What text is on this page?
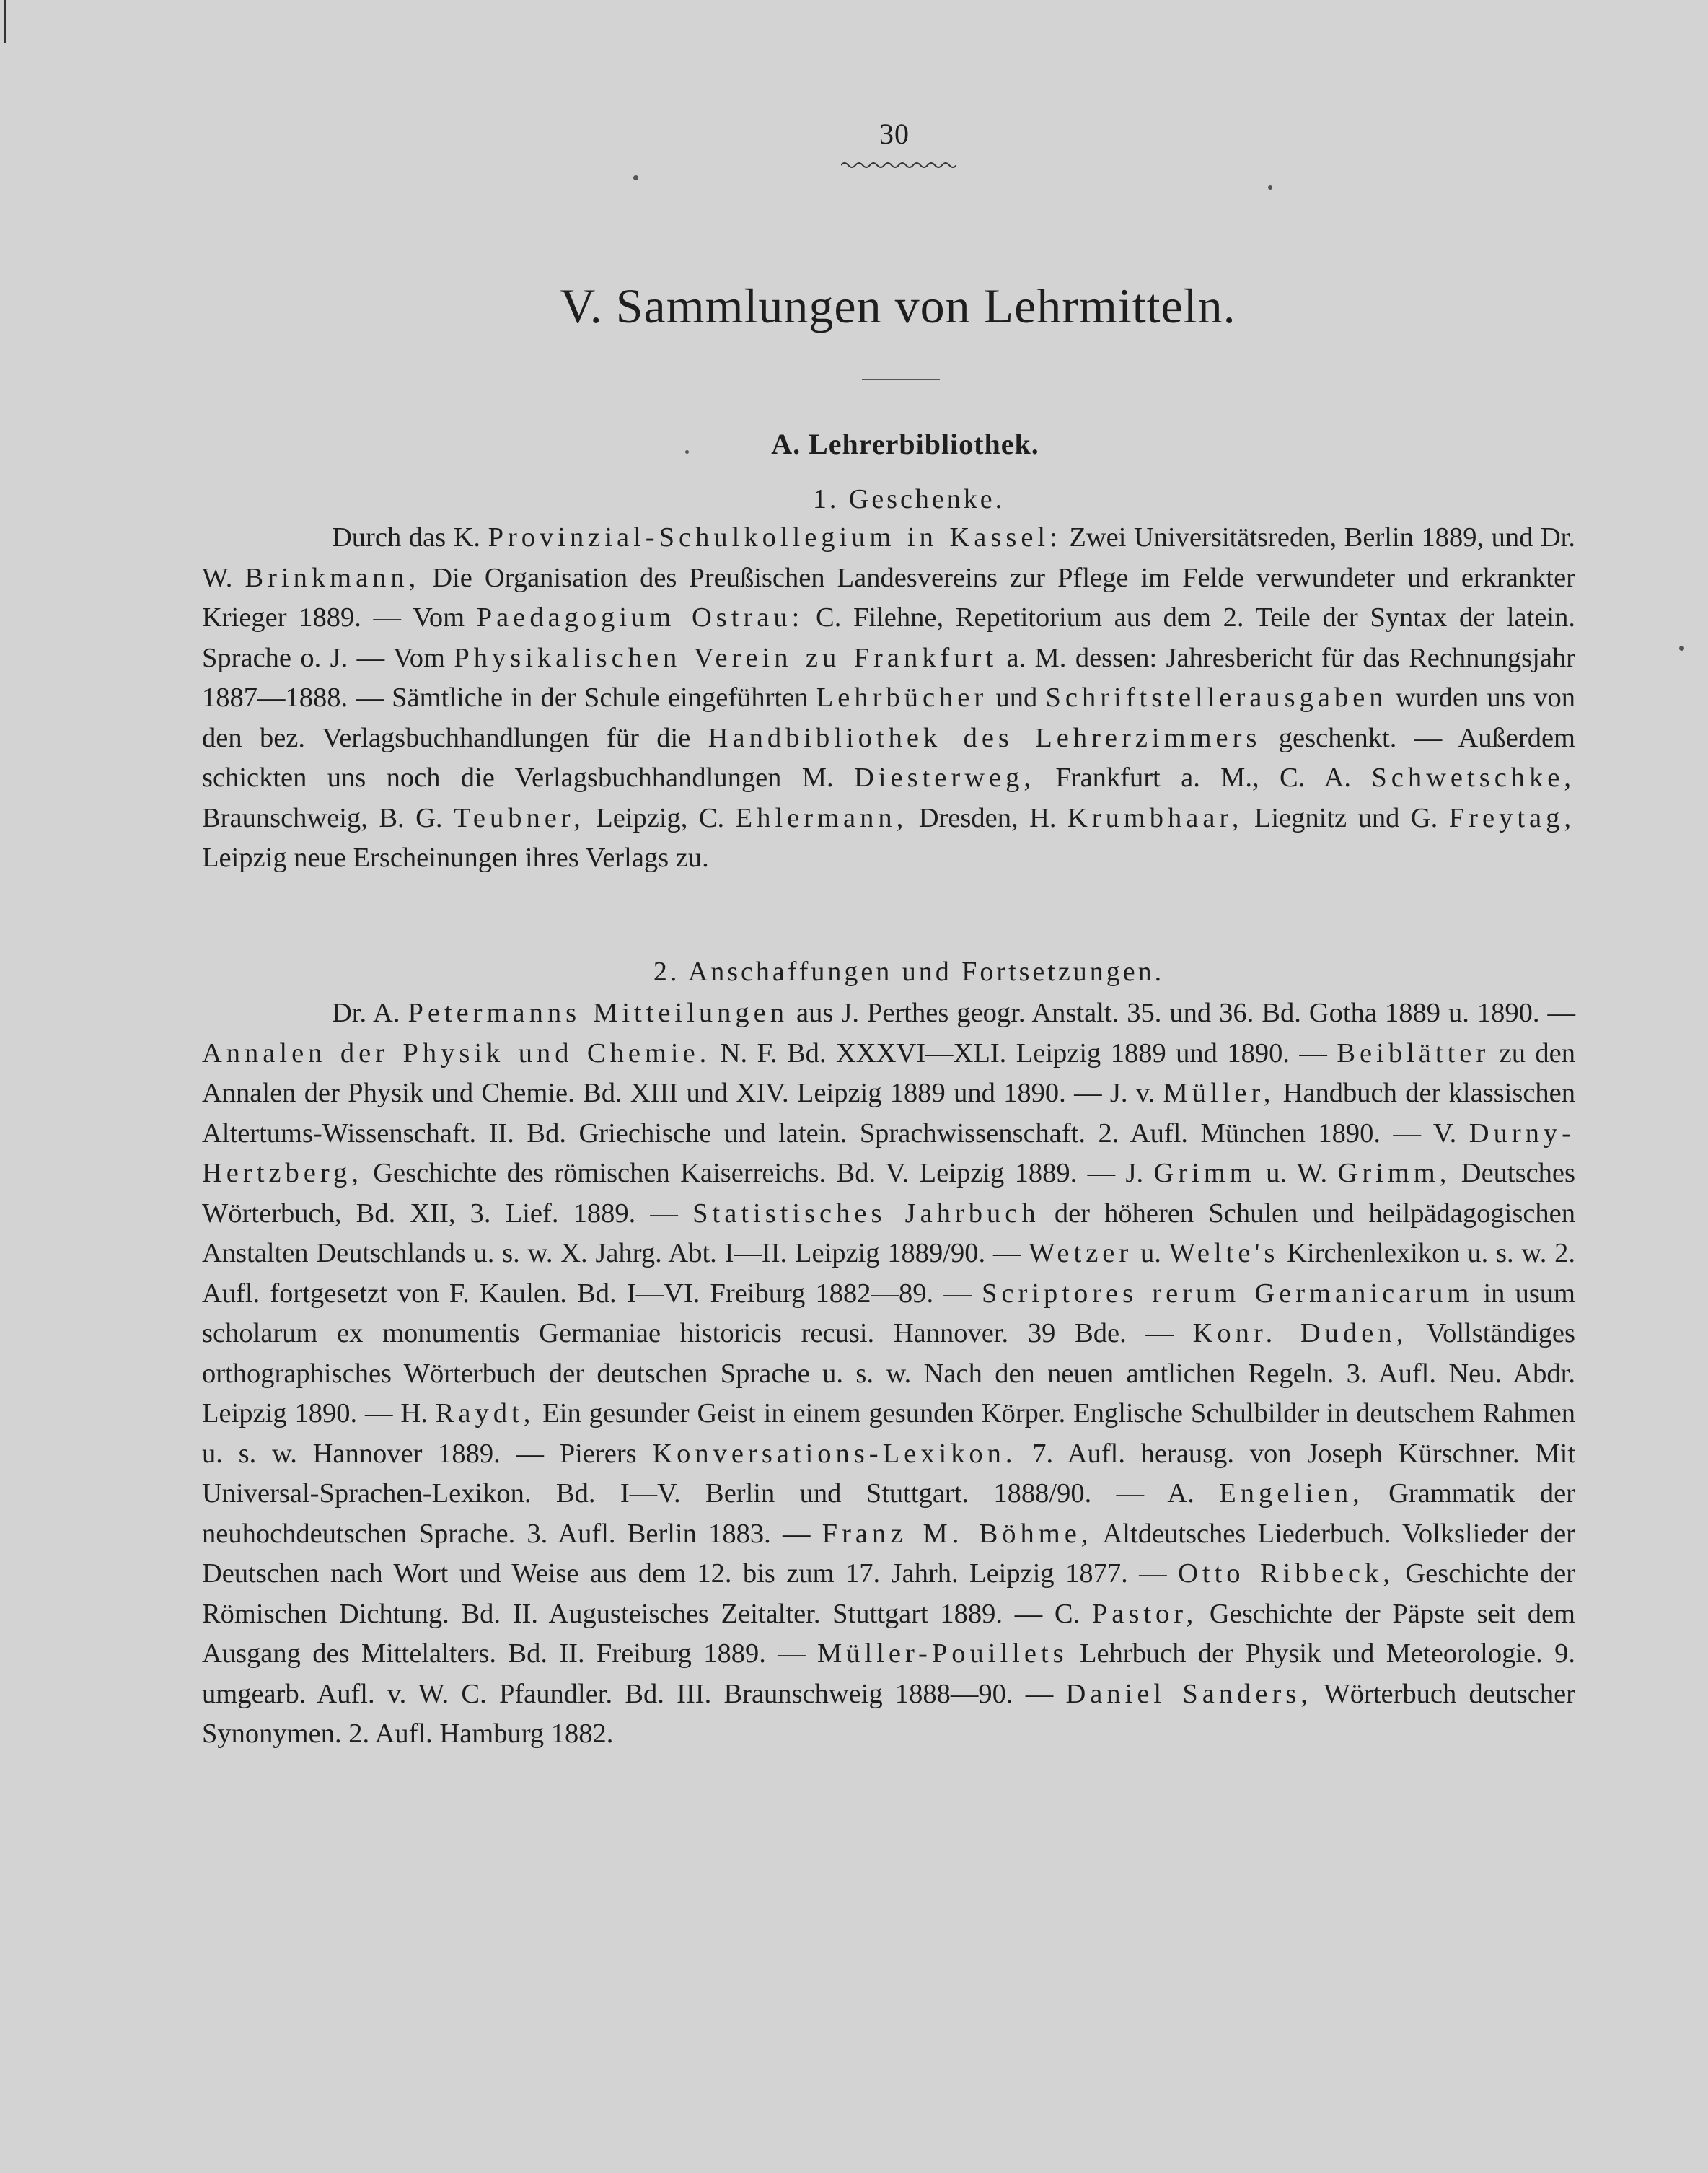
30
V. Sammlungen von Lehrmitteln.
A. Lehrerbibliothek.
1. Geschenke.

Durch das K. Provinzial-Schulkollegium in Kassel: Zwei Universitätsreden, Berlin 1889, und Dr. W. Brinkmann, Die Organisation des Preußischen Landesvereins zur Pflege im Felde verwundeter und erkrankter Krieger 1889. — Vom Paedagogium Ostrau: C. Filehne, Repetitorium aus dem 2. Teile der Syntax der latein. Sprache o. J. — Vom Physikalischen Verein zu Frankfurt a. M. dessen: Jahresbericht für das Rechnungsjahr 1887—1888. — Sämtliche in der Schule eingeführten Lehrbücher und Schriftstellerausgaben wurden uns von den bez. Verlagsbuchhandlungen für die Handbibliothek des Lehrerzimmers geschenkt. — Außerdem schickten uns noch die Verlagsbuchhandlungen M. Diesterweg, Frankfurt a. M., C. A. Schwetschke, Braunschweig, B. G. Teubner, Leipzig, C. Ehlermann, Dresden, H. Krumbhaar, Liegnitz und G. Freytag, Leipzig neue Erscheinungen ihres Verlags zu.

2. Anschaffungen und Fortsetzungen.

Dr. A. Petermanns Mitteilungen aus J. Perthes geogr. Anstalt. 35. und 36. Bd. Gotha 1889 u. 1890. — Annalen der Physik und Chemie. N. F. Bd. XXXVI—XLI. Leipzig 1889 und 1890. — Beiblätter zu den Annalen der Physik und Chemie. Bd. XIII und XIV. Leipzig 1889 und 1890. — J. v. Müller, Handbuch der klassischen Altertums-Wissenschaft. II. Bd. Griechische und latein. Sprachwissenschaft. 2. Aufl. München 1890. — V. Durny-Hertzberg, Geschichte des römischen Kaiserreichs. Bd. V. Leipzig 1889. — J. Grimm u. W. Grimm, Deutsches Wörterbuch, Bd. XII, 3. Lief. 1889. — Statistisches Jahrbuch der höheren Schulen und heilpädagogischen Anstalten Deutschlands u. s. w. X. Jahrg. Abt. I—II. Leipzig 1889/90. — Wetzer u. Welte's Kirchenlexikon u. s. w. 2. Aufl. fortgesetzt von F. Kaulen. Bd. I—VI. Freiburg 1882—89. — Scriptores rerum Germanicarum in usum scholarum ex monumentis Germaniae historicis recusi. Hannover. 39 Bde. — Konr. Duden, Vollständiges orthographisches Wörterbuch der deutschen Sprache u. s. w. Nach den neuen amtlichen Regeln. 3. Aufl. Neu. Abdr. Leipzig 1890. — H. Raydt, Ein gesunder Geist in einem gesunden Körper. Englische Schulbilder in deutschem Rahmen u. s. w. Hannover 1889. — Pierers Konversations-Lexikon. 7. Aufl. herausg. von Joseph Kürschner. Mit Universal-Sprachen-Lexikon. Bd. I—V. Berlin und Stuttgart. 1888/90. — A. Engelien, Grammatik der neuhochdeutschen Sprache. 3. Aufl. Berlin 1883. — Franz M. Böhme, Altdeutsches Liederbuch. Volkslieder der Deutschen nach Wort und Weise aus dem 12. bis zum 17. Jahrh. Leipzig 1877. — Otto Ribbeck, Geschichte der Römischen Dichtung. Bd. II. Augusteisches Zeitalter. Stuttgart 1889. — C. Pastor, Geschichte der Päpste seit dem Ausgang des Mittelalters. Bd. II. Freiburg 1889. — Müller-Pouillets Lehrbuch der Physik und Meteorologie. 9. umgearb. Aufl. v. W. C. Pfaundler. Bd. III. Braunschweig 1888—90. — Daniel Sanders, Wörterbuch deutscher Synonymen. 2. Aufl. Hamburg 1882.
